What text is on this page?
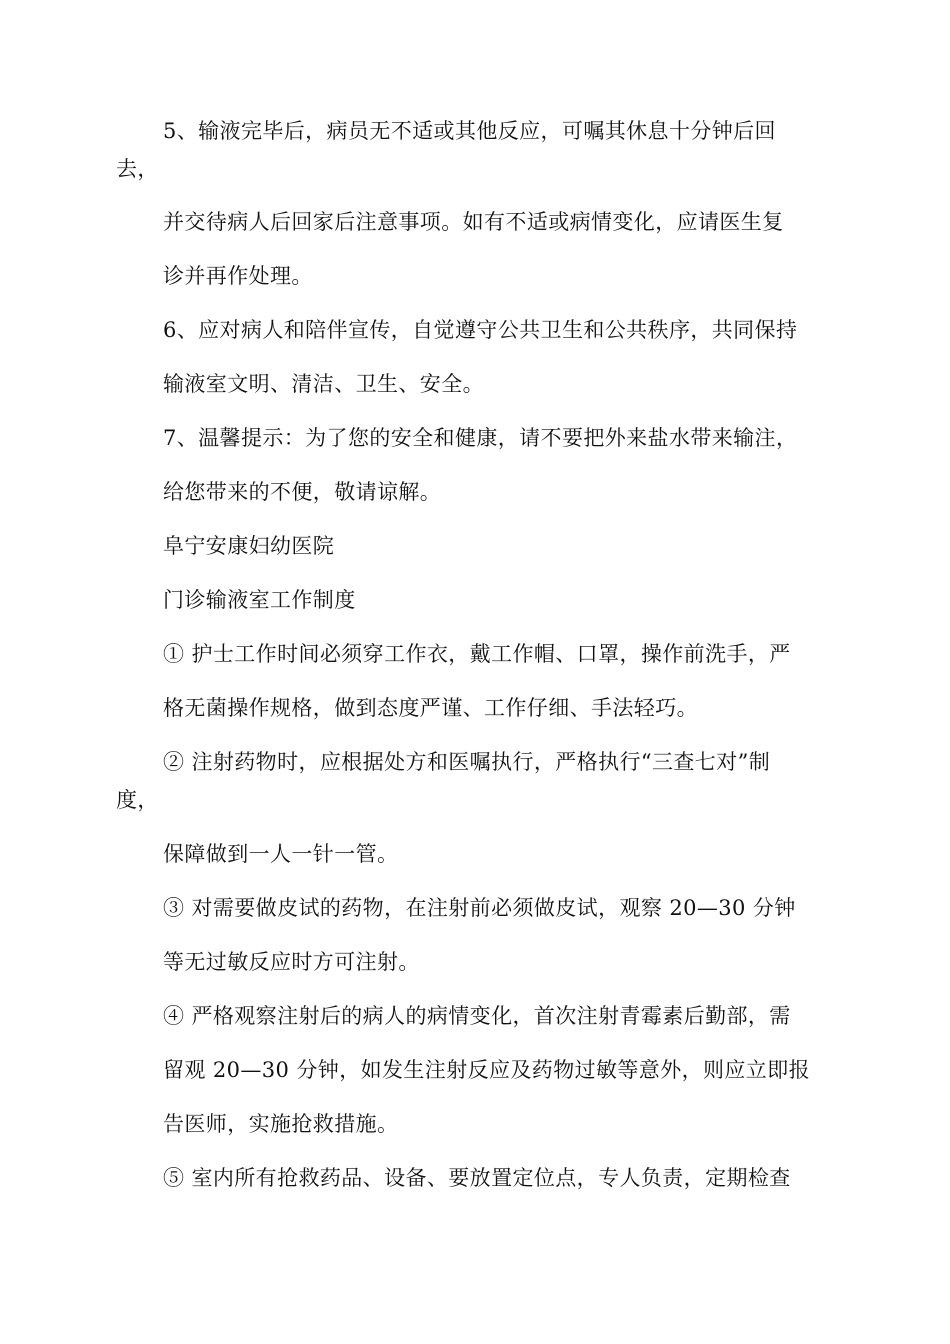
5、输液完毕后，病员无不适或其他反应，可嘱其休息十分钟后回
去，
并交待病人后回家后注意事项。如有不适或病情变化，应请医生复
诊并再作处理。
6、应对病人和陪伴宣传，自觉遵守公共卫生和公共秩序，共同保持
输液室文明、清洁、卫生、安全。
7、温馨提示：为了您的安全和健康，请不要把外来盐水带来输注，
给您带来的不便，敬请谅解。
阜宁安康妇幼医院
门诊输液室工作制度
① 护士工作时间必须穿工作衣，戴工作帽、口罩，操作前洗手，严
格无菌操作规格，做到态度严谨、工作仔细、手法轻巧。
② 注射药物时，应根据处方和医嘱执行，严格执行“三查七对”制
度，
保障做到一人一针一管。
③ 对需要做皮试的药物，在注射前必须做皮试，观察 20—30 分钟
等无过敏反应时方可注射。
④ 严格观察注射后的病人的病情变化，首次注射青霉素后勤部，需
留观 20—30 分钟，如发生注射反应及药物过敏等意外，则应立即报
告医师，实施抢救措施。
⑤ 室内所有抢救药品、设备、要放置定位点，专人负责，定期检查
